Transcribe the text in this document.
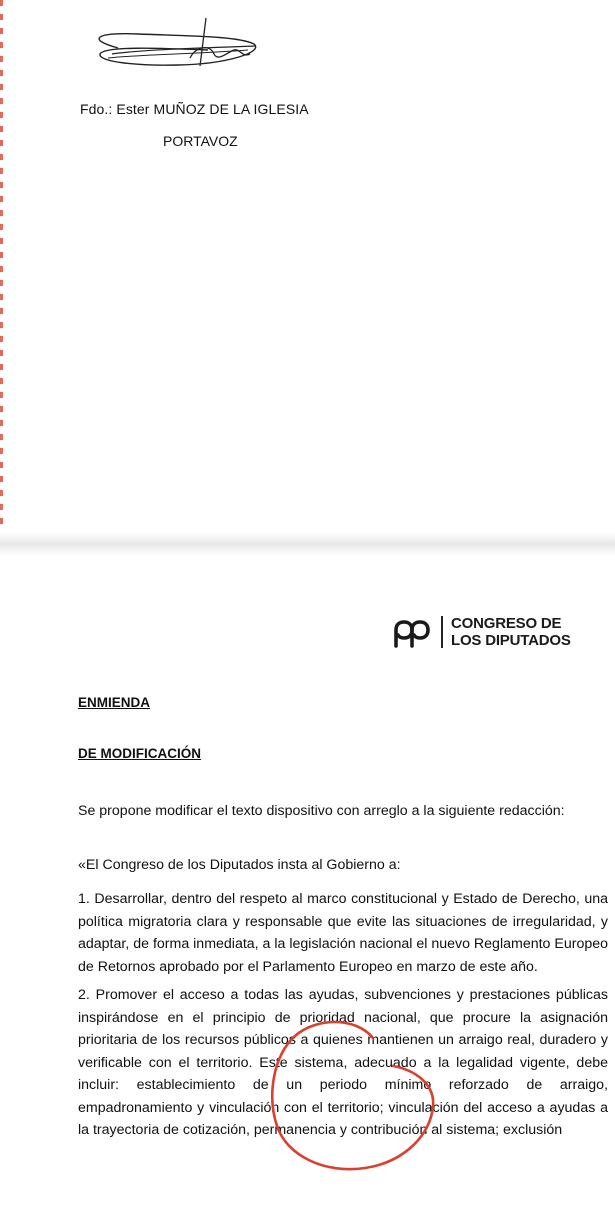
Fdo.: Ester MUÑOZ DE LA IGLESIA
PORTAVOZ
CONGRESO DE
LOS DIPUTADOS
ENMIENDA
DE MODIFICACIÓN

Se propone modificar el texto dispositivo con arreglo a la siguiente redacción:

«El Congreso de los Diputados insta al Gobierno a:

1. Desarrollar, dentro del respeto al marco constitucional y Estado de Derecho, una política migratoria clara y responsable que evite las situaciones de irregularidad, y adaptar, de forma inmediata, a la legislación nacional el nuevo Reglamento Europeo de Retornos aprobado por el Parlamento Europeo en marzo de este año.

2. Promover el acceso a todas las ayudas, subvenciones y prestaciones públicas inspirándose en el principio de prioridad nacional, que procure la asignación prioritaria de los recursos públicos a quienes mantienen un arraigo real, duradero y verificable con el territorio. Este sistema, adecuado a la legalidad vigente, debe incluir: establecimiento de un periodo mínimo reforzado de arraigo, empadronamiento y vinculación con el territorio; vinculación del acceso a ayudas a la trayectoria de cotización, permanencia y contribución al sistema; exclusión
